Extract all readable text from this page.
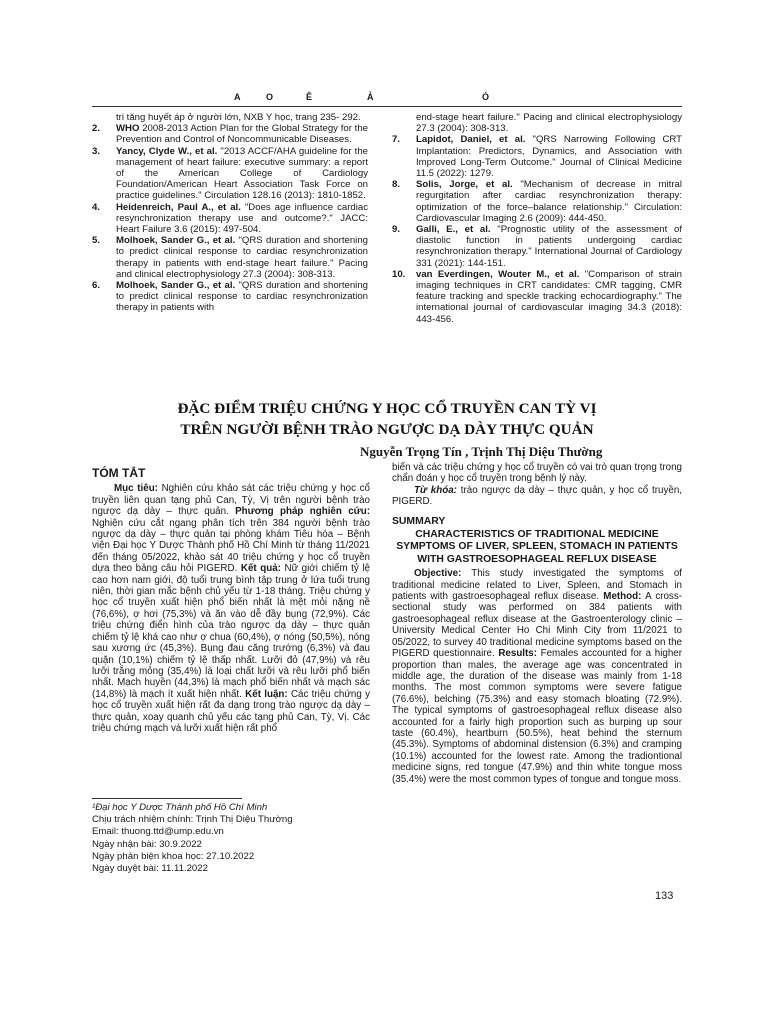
A	O	Ê	Ả	Ó

tri tăng huyết áp ở người lớn, NXB Y học, trang 235- 292.

2. WHO 2008-2013 Action Plan for the Global Strategy for the Prevention and Control of Noncommunicable Diseases.

3. Yancy, Clyde W., et al. "2013 ACCF/AHA guideline for the management of heart failure: executive summary: a report of the American College of Cardiology Foundation/American Heart Association Task Force on practice guidelines." Circulation 128.16 (2013): 1810-1852.

4. Heidenreich, Paul A., et al. "Does age influence cardiac resynchronization therapy use and outcome?." JACC: Heart Failure 3.6 (2015): 497-504.

5. Molhoek, Sander G., et al. "QRS duration and shortening to predict clinical response to cardiac resynchronization therapy in patients with end-stage heart failure." Pacing and clinical electrophysiology 27.3 (2004): 308-313.

6. Molhoek, Sander G., et al. "QRS duration and shortening to predict clinical response to cardiac resynchronization therapy in patients with

end-stage heart failure." Pacing and clinical electrophysiology 27.3 (2004): 308-313.

7. Lapidot, Daniel, et al. "QRS Narrowing Following CRT Implantation: Predictors, Dynamics, and Association with Improved Long-Term Outcome." Journal of Clinical Medicine 11.5 (2022): 1279.

8. Solis, Jorge, et al. "Mechanism of decrease in mitral regurgitation after cardiac resynchronization therapy: optimization of the force–balance relationship." Circulation: Cardiovascular Imaging 2.6 (2009): 444-450.

9. Galli, E., et al. "Prognostic utility of the assessment of diastolic function in patients undergoing cardiac resynchronization therapy." International Journal of Cardiology 331 (2021): 144-151.

10. van Everdingen, Wouter M., et al. "Comparison of strain imaging techniques in CRT candidates: CMR tagging, CMR feature tracking and speckle tracking echocardiography." The international journal of cardiovascular imaging 34.3 (2018): 443-456.

ĐẶC ĐIỂM TRIỆU CHỨNG Y HỌC CỔ TRUYỀN CAN TỲ VỊ
TRÊN NGƯỜI BỆNH TRÀO NGƯỢC DẠ DÀY THỰC QUẢN
Nguyễn Trọng Tín , Trịnh Thị Diệu Thường
TÓM TẮT

Mục tiêu: Nghiên cứu khảo sát các triệu chứng y học cổ truyền liên quan tạng phủ Can, Tỳ, Vị trên người bệnh trào ngược dạ dày – thực quản. Phương pháp nghiên cứu: Nghiên cứu cắt ngang phân tích trên 384 người bệnh trào ngược dạ dày – thực quản tại phòng khám Tiêu hóa – Bệnh viện Đại học Y Dược Thành phố Hồ Chí Minh từ tháng 11/2021 đến tháng 05/2022, khảo sát 40 triệu chứng y học cổ truyền dựa theo bảng câu hỏi PIGERD. Kết quả: Nữ giới chiếm tỷ lệ cao hơn nam giới, độ tuổi trung bình tập trung ở lứa tuổi trung niên, thời gian mắc bệnh chủ yếu từ 1-18 tháng. Triệu chứng y học cổ truyền xuất hiện phổ biến nhất là mệt mỏi nặng nề (76,6%), ợ hơi (75,3%) và ăn vào dễ đầy bụng (72,9%). Các triệu chứng điển hình của trào ngược dạ dày – thực quản chiếm tỷ lệ khá cao như ợ chua (60,4%), ợ nóng (50,5%), nóng sau xương ức (45,3%). Bụng đau căng trướng (6,3%) và đau quặn (10,1%) chiếm tỷ lệ thấp nhất. Lưỡi đỏ (47,9%) và rêu lưỡi trắng mỏng (35,4%) là loại chất lưỡi và rêu lưỡi phổ biến nhất. Mạch huyền (44,3%) là mạch phổ biến nhất và mạch sác (14,8%) là mạch ít xuất hiện nhất. Kết luận: Các triệu chứng y học cổ truyền xuất hiện rất đa dạng trong trào ngược dạ dày – thực quản, xoay quanh chủ yếu các tạng phủ Can, Tỳ, Vị. Các triệu chứng mạch và lưỡi xuất hiện rất phổ

¹Đại học Y Dược Thành phố Hồ Chí Minh

Chịu trách nhiệm chính: Trịnh Thị Diệu Thường

Email: thuong.ttd@ump.edu.vn

Ngày nhận bài: 30.9.2022

Ngày phản biện khoa học: 27.10.2022

Ngày duyệt bài: 11.11.2022

biến và các triệu chứng y học cổ truyền có vai trò quan trọng trong chẩn đoán y học cổ truyền trong bệnh lý này.

Từ khóa: trào ngược dạ dày – thực quản, y học cổ truyền, PIGERD.

SUMMARY

CHARACTERISTICS OF TRADITIONAL MEDICINE SYMPTOMS OF LIVER, SPLEEN, STOMACH IN PATIENTS WITH GASTROESOPHAGEAL REFLUX DISEASE

Objective: This study investigated the symptoms of traditional medicine related to Liver, Spleen, and Stomach in patients with gastroesophageal reflux disease. Method: A cross-sectional study was performed on 384 patients with gastroesophageal reflux disease at the Gastroenterology clinic – University Medical Center Ho Chi Minh City from 11/2021 to 05/2022, to survey 40 traditional medicine symptoms based on the PIGERD questionnaire. Results: Females accounted for a higher proportion than males, the average age was concentrated in middle age, the duration of the disease was mainly from 1-18 months. The most common symptoms were severe fatigue (76.6%), belching (75.3%) and easy stomach bloating (72.9%). The typical symptoms of gastroesophageal reflux disease also accounted for a fairly high proportion such as burping up sour taste (60.4%), heartburn (50.5%), heat behind the sternum (45.3%). Symptoms of abdominal distension (6.3%) and cramping (10.1%) accounted for the lowest rate. Among the tradiontional medicine signs, red tongue (47.9%) and thin white tongue moss (35.4%) were the most common types of tongue and tongue moss.

133
